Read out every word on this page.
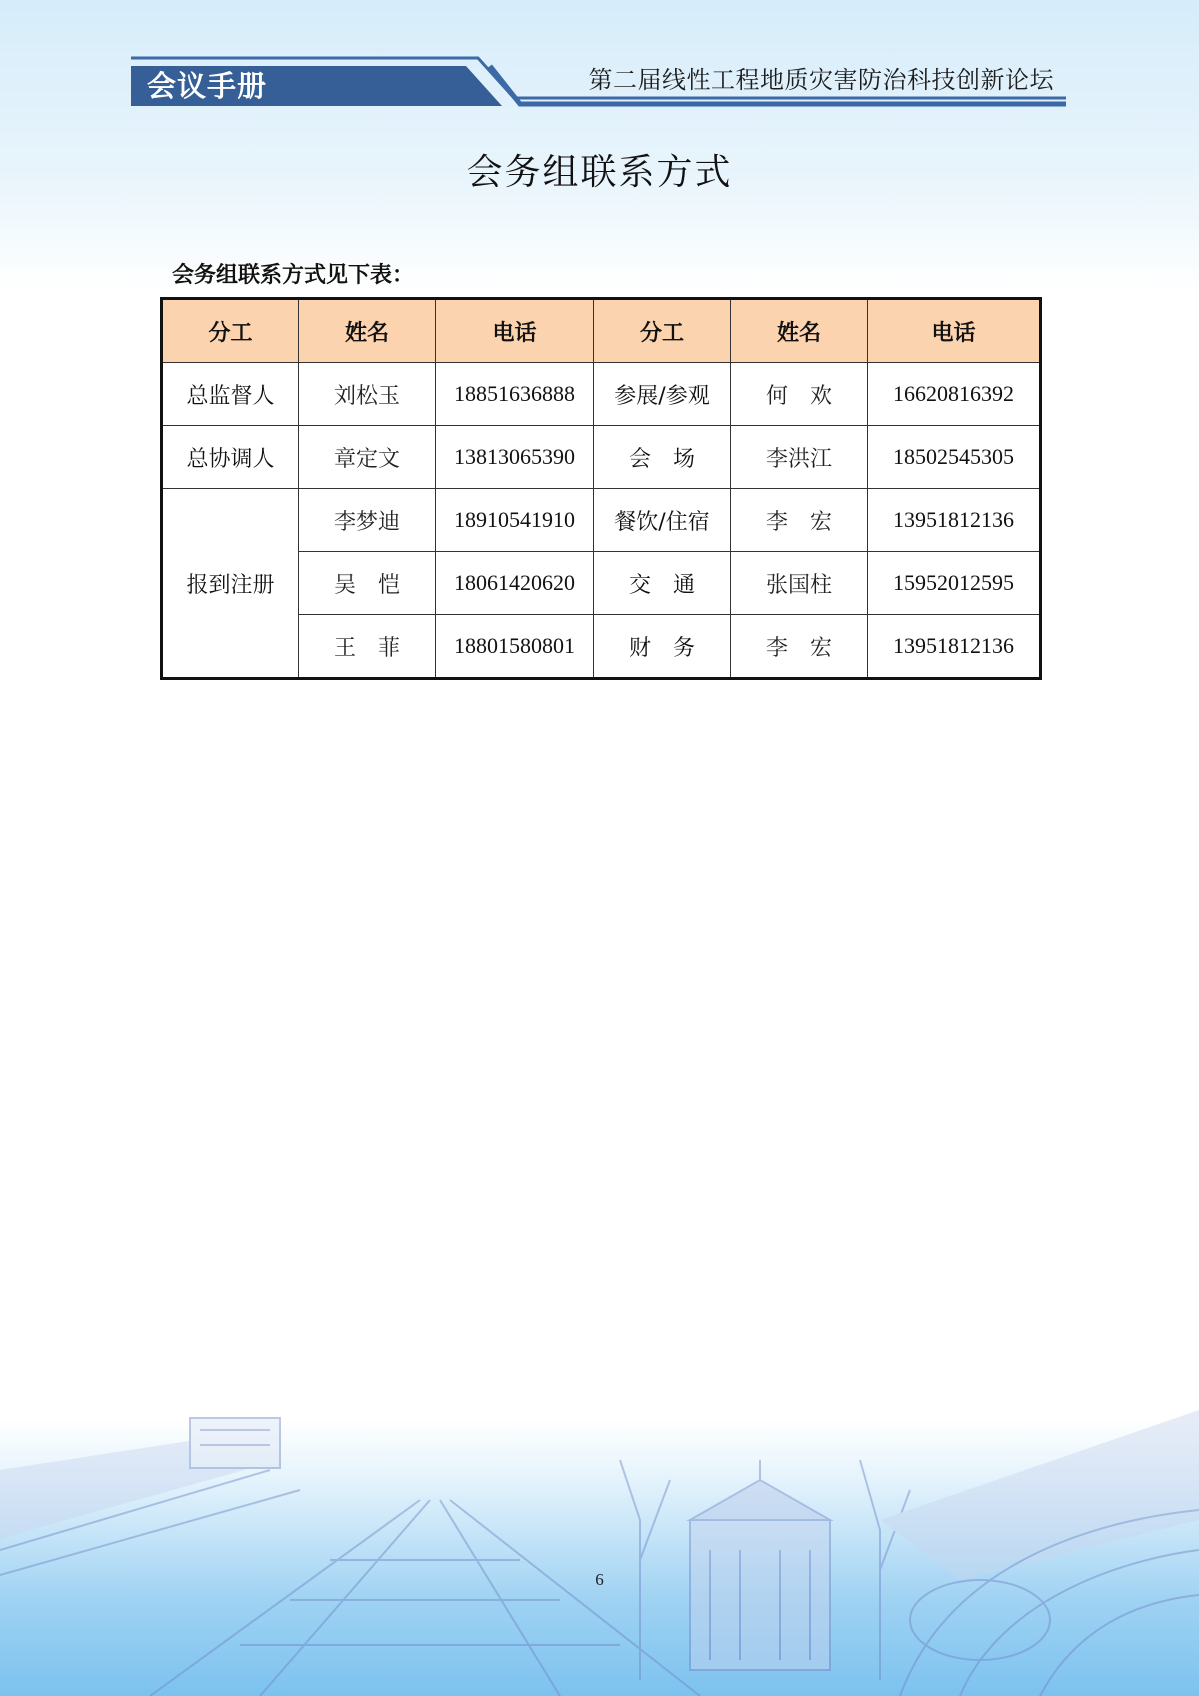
会议手册	第二届线性工程地质灾害防治科技创新论坛
会务组联系方式
会务组联系方式见下表：
分工	姓名	电话	分工	姓名	电话
总监督人	刘松玉	18851636888	参展/参观	何　欢	16620816392
总协调人	章定文	13813065390	会　场	李洪江	18502545305
报到注册	李梦迪	18910541910	餐饮/住宿	李　宏	13951812136
	吴　恺	18061420620	交　通	张国柱	15952012595
	王　菲	18801580801	财　务	李　宏	13951812136
6
